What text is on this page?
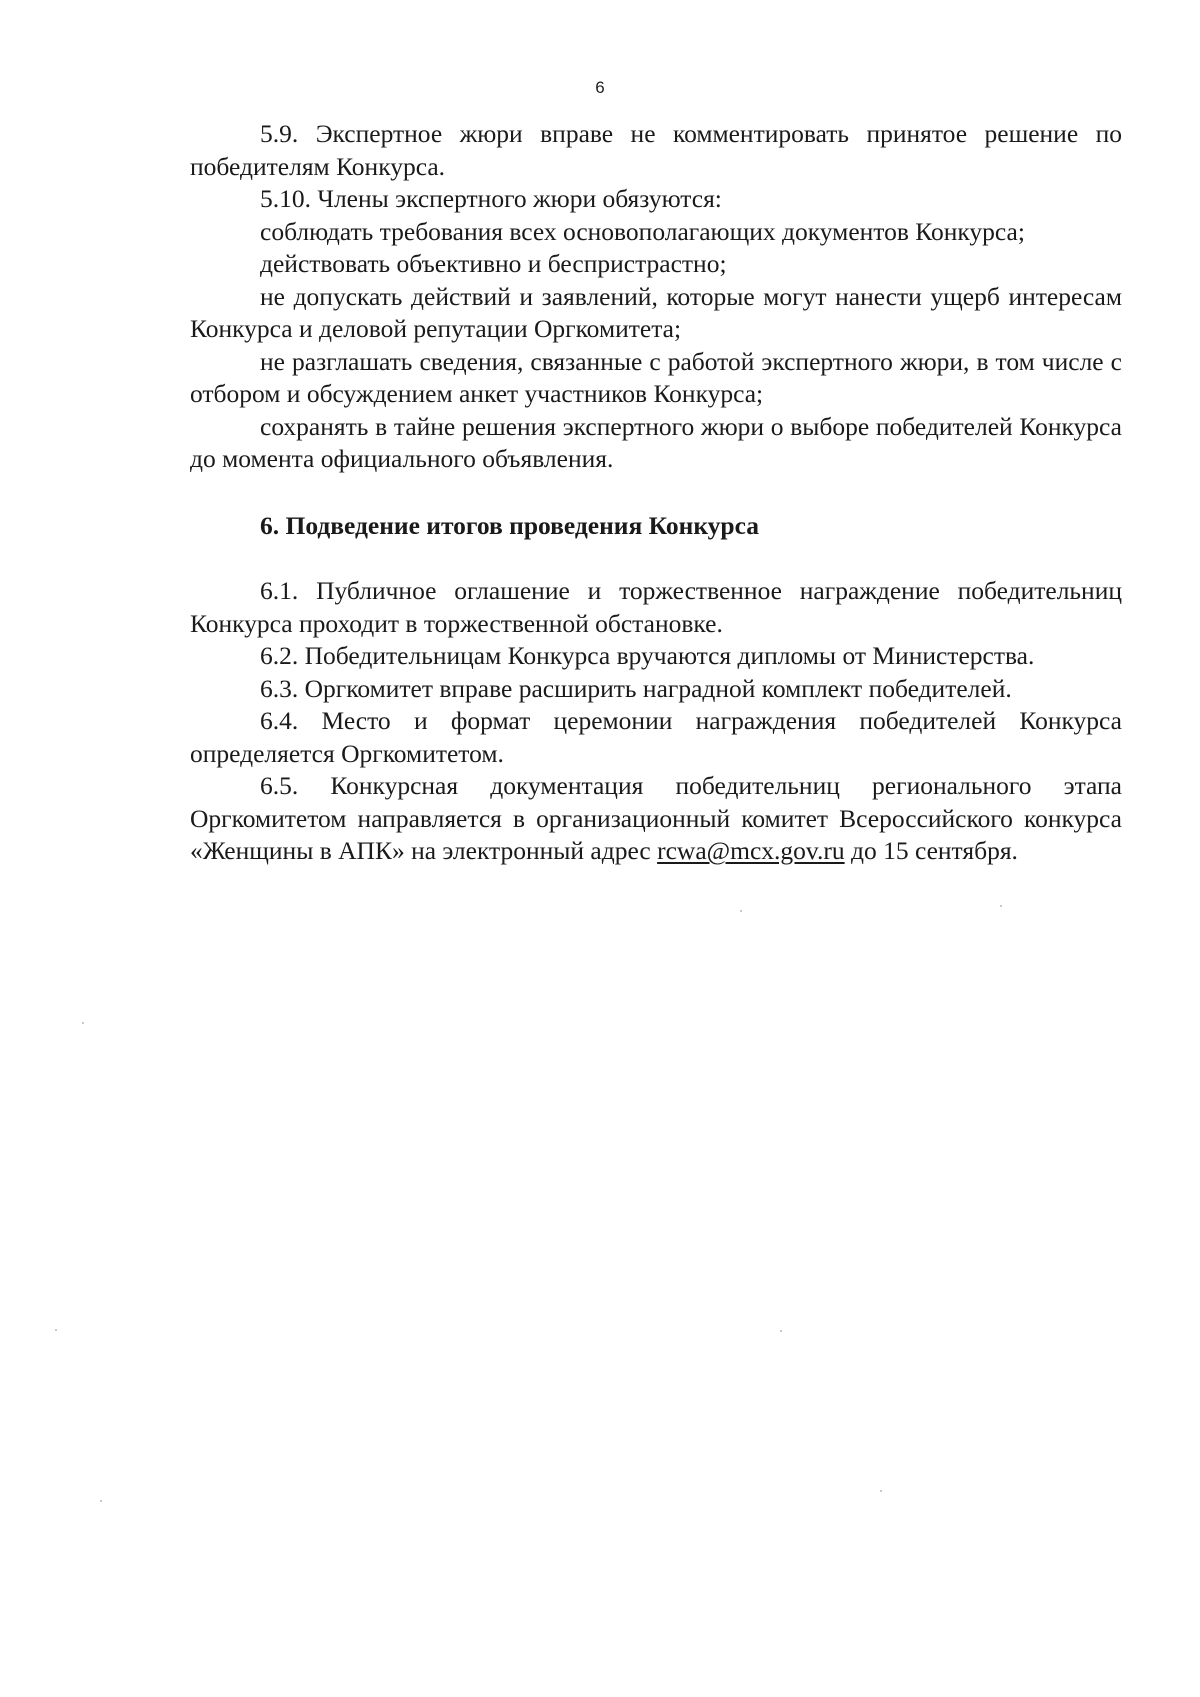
6

5.9. Экспертное жюри вправе не комментировать принятое решение по победителям Конкурса.

5.10. Члены экспертного жюри обязуются:

соблюдать требования всех основополагающих документов Конкурса;

действовать объективно и беспристрастно;

не допускать действий и заявлений, которые могут нанести ущерб интересам Конкурса и деловой репутации Оргкомитета;

не разглашать сведения, связанные с работой экспертного жюри, в том числе с отбором и обсуждением анкет участников Конкурса;

сохранять в тайне решения экспертного жюри о выборе победителей Конкурса до момента официального объявления.

6. Подведение итогов проведения Конкурса

6.1. Публичное оглашение и торжественное награждение победительниц Конкурса проходит в торжественной обстановке.

6.2. Победительницам Конкурса вручаются дипломы от Министерства.

6.3. Оргкомитет вправе расширить наградной комплект победителей.

6.4. Место и формат церемонии награждения победителей Конкурса определяется Оргкомитетом.

6.5. Конкурсная документация победительниц регионального этапа Оргкомитетом направляется в организационный комитет Всероссийского конкурса «Женщины в АПК» на электронный адрес rcwa@mcx.gov.ru до 15 сентября.
